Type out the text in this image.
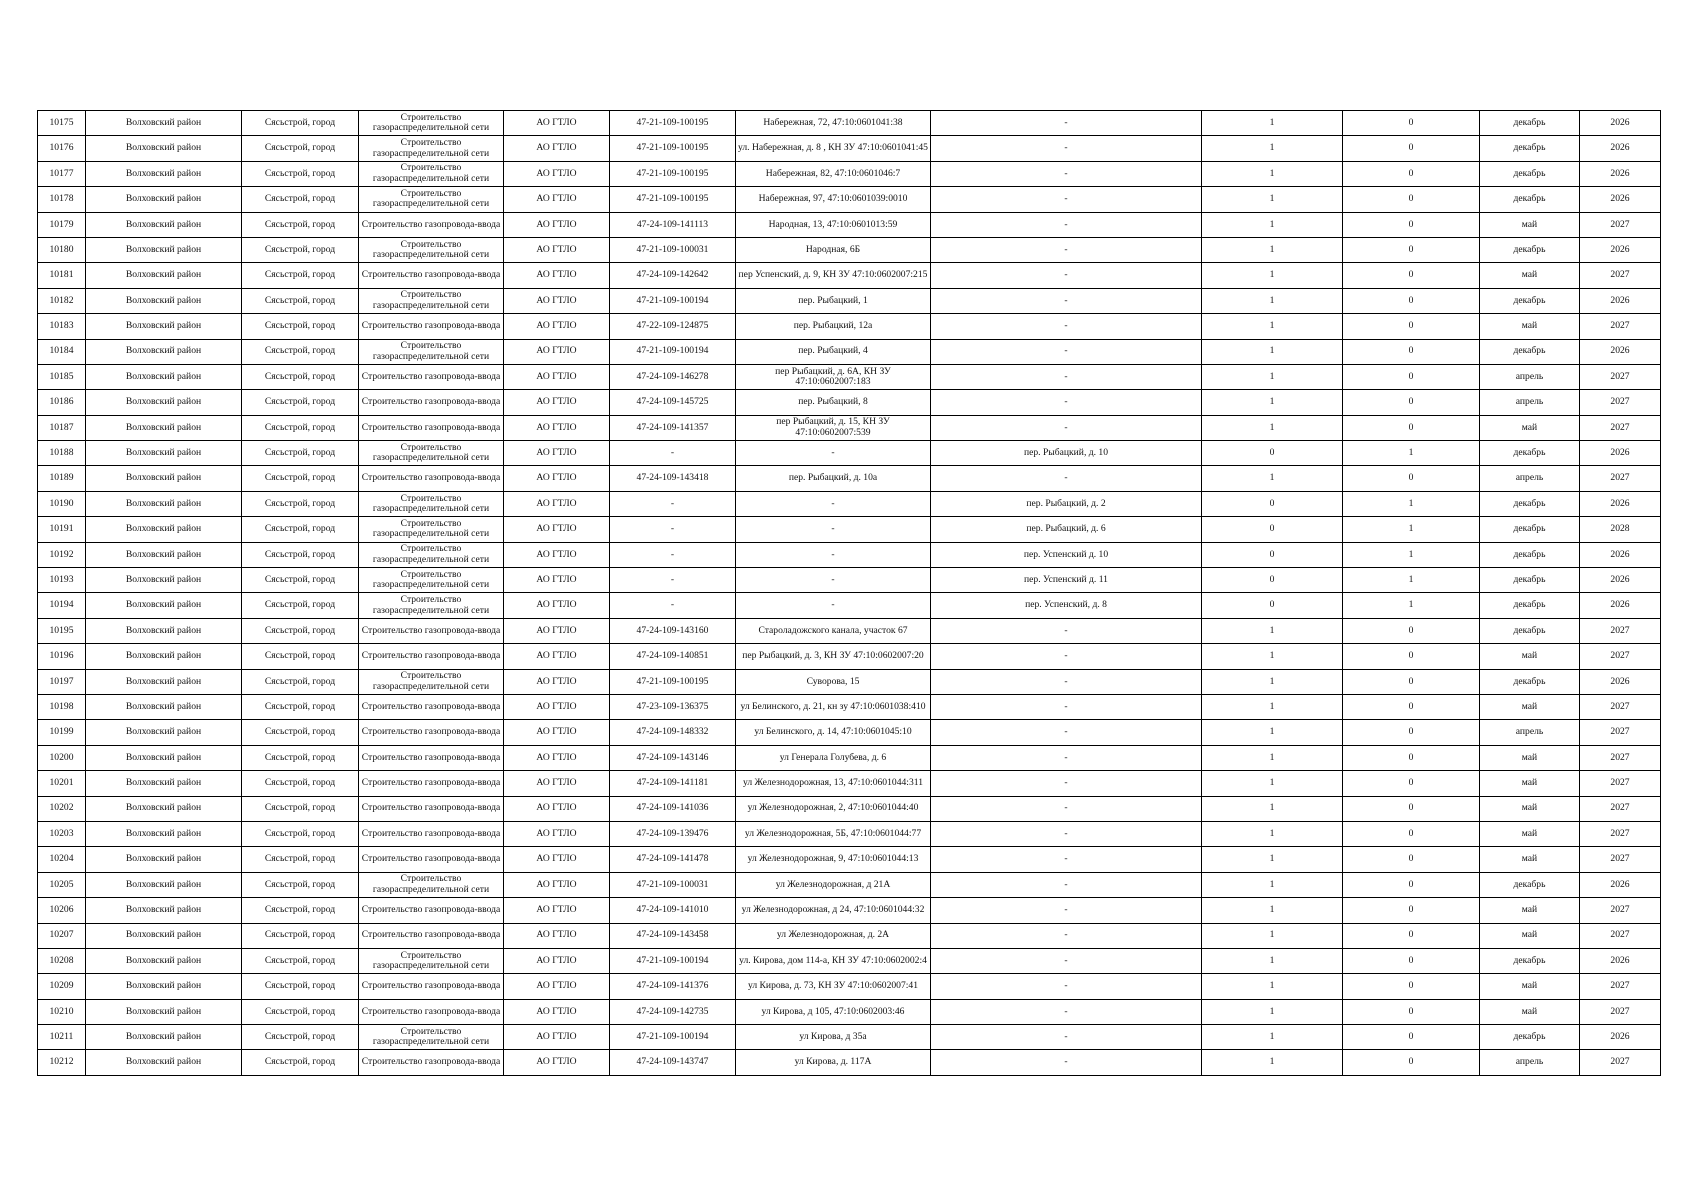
10175	Волховский район	Сясьстрой, город	Строительство газораспределительной сети	АО ГТЛО	47-21-109-100195	Набережная, 72, 47:10:0601041:38	-	1	0	декабрь	2026
10176	Волховский район	Сясьстрой, город	Строительство газораспределительной сети	АО ГТЛО	47-21-109-100195	ул. Набережная, д. 8 , КН ЗУ 47:10:0601041:45	-	1	0	декабрь	2026
10177	Волховский район	Сясьстрой, город	Строительство газораспределительной сети	АО ГТЛО	47-21-109-100195	Набережная, 82, 47:10:0601046:7	-	1	0	декабрь	2026
10178	Волховский район	Сясьстрой, город	Строительство газораспределительной сети	АО ГТЛО	47-21-109-100195	Набережная, 97, 47:10:0601039:0010	-	1	0	декабрь	2026
10179	Волховский район	Сясьстрой, город	Строительство газопровода-ввода	АО ГТЛО	47-24-109-141113	Народная, 13, 47:10:0601013:59	-	1	0	май	2027
10180	Волховский район	Сясьстрой, город	Строительство газораспределительной сети	АО ГТЛО	47-21-109-100031	Народная, 6Б	-	1	0	декабрь	2026
10181	Волховский район	Сясьстрой, город	Строительство газопровода-ввода	АО ГТЛО	47-24-109-142642	пер Успенский, д. 9, КН ЗУ 47:10:0602007:215	-	1	0	май	2027
10182	Волховский район	Сясьстрой, город	Строительство газораспределительной сети	АО ГТЛО	47-21-109-100194	пер. Рыбацкий, 1	-	1	0	декабрь	2026
10183	Волховский район	Сясьстрой, город	Строительство газопровода-ввода	АО ГТЛО	47-22-109-124875	пер. Рыбацкий, 12а	-	1	0	май	2027
10184	Волховский район	Сясьстрой, город	Строительство газораспределительной сети	АО ГТЛО	47-21-109-100194	пер. Рыбацкий, 4	-	1	0	декабрь	2026
10185	Волховский район	Сясьстрой, город	Строительство газопровода-ввода	АО ГТЛО	47-24-109-146278	пер Рыбацкий, д. 6А, КН ЗУ 47:10:0602007:183	-	1	0	апрель	2027
10186	Волховский район	Сясьстрой, город	Строительство газопровода-ввода	АО ГТЛО	47-24-109-145725	пер. Рыбацкий, 8	-	1	0	апрель	2027
10187	Волховский район	Сясьстрой, город	Строительство газопровода-ввода	АО ГТЛО	47-24-109-141357	пер Рыбацкий, д. 15, КН ЗУ 47:10:0602007:539	-	1	0	май	2027
10188	Волховский район	Сясьстрой, город	Строительство газораспределительной сети	АО ГТЛО	-	-	пер. Рыбацкий, д. 10	0	1	декабрь	2026
10189	Волховский район	Сясьстрой, город	Строительство газопровода-ввода	АО ГТЛО	47-24-109-143418	пер. Рыбацкий, д. 10а	-	1	0	апрель	2027
10190	Волховский район	Сясьстрой, город	Строительство газораспределительной сети	АО ГТЛО	-	-	пер. Рыбацкий, д. 2	0	1	декабрь	2026
10191	Волховский район	Сясьстрой, город	Строительство газораспределительной сети	АО ГТЛО	-	-	пер. Рыбацкий, д. 6	0	1	декабрь	2028
10192	Волховский район	Сясьстрой, город	Строительство газораспределительной сети	АО ГТЛО	-	-	пер. Успенский д. 10	0	1	декабрь	2026
10193	Волховский район	Сясьстрой, город	Строительство газораспределительной сети	АО ГТЛО	-	-	пер. Успенский д. 11	0	1	декабрь	2026
10194	Волховский район	Сясьстрой, город	Строительство газораспределительной сети	АО ГТЛО	-	-	пер. Успенский, д. 8	0	1	декабрь	2026
10195	Волховский район	Сясьстрой, город	Строительство газопровода-ввода	АО ГТЛО	47-24-109-143160	Староладожского канала, участок 67	-	1	0	декабрь	2027
10196	Волховский район	Сясьстрой, город	Строительство газопровода-ввода	АО ГТЛО	47-24-109-140851	пер Рыбацкий, д. 3, КН ЗУ 47:10:0602007:20	-	1	0	май	2027
10197	Волховский район	Сясьстрой, город	Строительство газораспределительной сети	АО ГТЛО	47-21-109-100195	Суворова, 15	-	1	0	декабрь	2026
10198	Волховский район	Сясьстрой, город	Строительство газопровода-ввода	АО ГТЛО	47-23-109-136375	ул Белинского, д. 21, кн зу 47:10:0601038:410	-	1	0	май	2027
10199	Волховский район	Сясьстрой, город	Строительство газопровода-ввода	АО ГТЛО	47-24-109-148332	ул Белинского, д. 14, 47:10:0601045:10	-	1	0	апрель	2027
10200	Волховский район	Сясьстрой, город	Строительство газопровода-ввода	АО ГТЛО	47-24-109-143146	ул Генерала Голубева, д. 6	-	1	0	май	2027
10201	Волховский район	Сясьстрой, город	Строительство газопровода-ввода	АО ГТЛО	47-24-109-141181	ул Железнодорожная, 13, 47:10:0601044:311	-	1	0	май	2027
10202	Волховский район	Сясьстрой, город	Строительство газопровода-ввода	АО ГТЛО	47-24-109-141036	ул Железнодорожная, 2, 47:10:0601044:40	-	1	0	май	2027
10203	Волховский район	Сясьстрой, город	Строительство газопровода-ввода	АО ГТЛО	47-24-109-139476	ул Железнодорожная, 5Б, 47:10:0601044:77	-	1	0	май	2027
10204	Волховский район	Сясьстрой, город	Строительство газопровода-ввода	АО ГТЛО	47-24-109-141478	ул Железнодорожная, 9, 47:10:0601044:13	-	1	0	май	2027
10205	Волховский район	Сясьстрой, город	Строительство газораспределительной сети	АО ГТЛО	47-21-109-100031	ул Железнодорожная, д 21А	-	1	0	декабрь	2026
10206	Волховский район	Сясьстрой, город	Строительство газопровода-ввода	АО ГТЛО	47-24-109-141010	ул Железнодорожная, д 24, 47:10:0601044:32	-	1	0	май	2027
10207	Волховский район	Сясьстрой, город	Строительство газопровода-ввода	АО ГТЛО	47-24-109-143458	ул Железнодорожная, д. 2А	-	1	0	май	2027
10208	Волховский район	Сясьстрой, город	Строительство газораспределительной сети	АО ГТЛО	47-21-109-100194	ул. Кирова, дом 114-а, КН ЗУ 47:10:0602002:4	-	1	0	декабрь	2026
10209	Волховский район	Сясьстрой, город	Строительство газопровода-ввода	АО ГТЛО	47-24-109-141376	ул Кирова, д. 73, КН ЗУ 47:10:0602007:41	-	1	0	май	2027
10210	Волховский район	Сясьстрой, город	Строительство газопровода-ввода	АО ГТЛО	47-24-109-142735	ул Кирова, д 105, 47:10:0602003:46	-	1	0	май	2027
10211	Волховский район	Сясьстрой, город	Строительство газораспределительной сети	АО ГТЛО	47-21-109-100194	ул Кирова, д 35а	-	1	0	декабрь	2026
10212	Волховский район	Сясьстрой, город	Строительство газопровода-ввода	АО ГТЛО	47-24-109-143747	ул Кирова, д. 117А	-	1	0	апрель	2027
